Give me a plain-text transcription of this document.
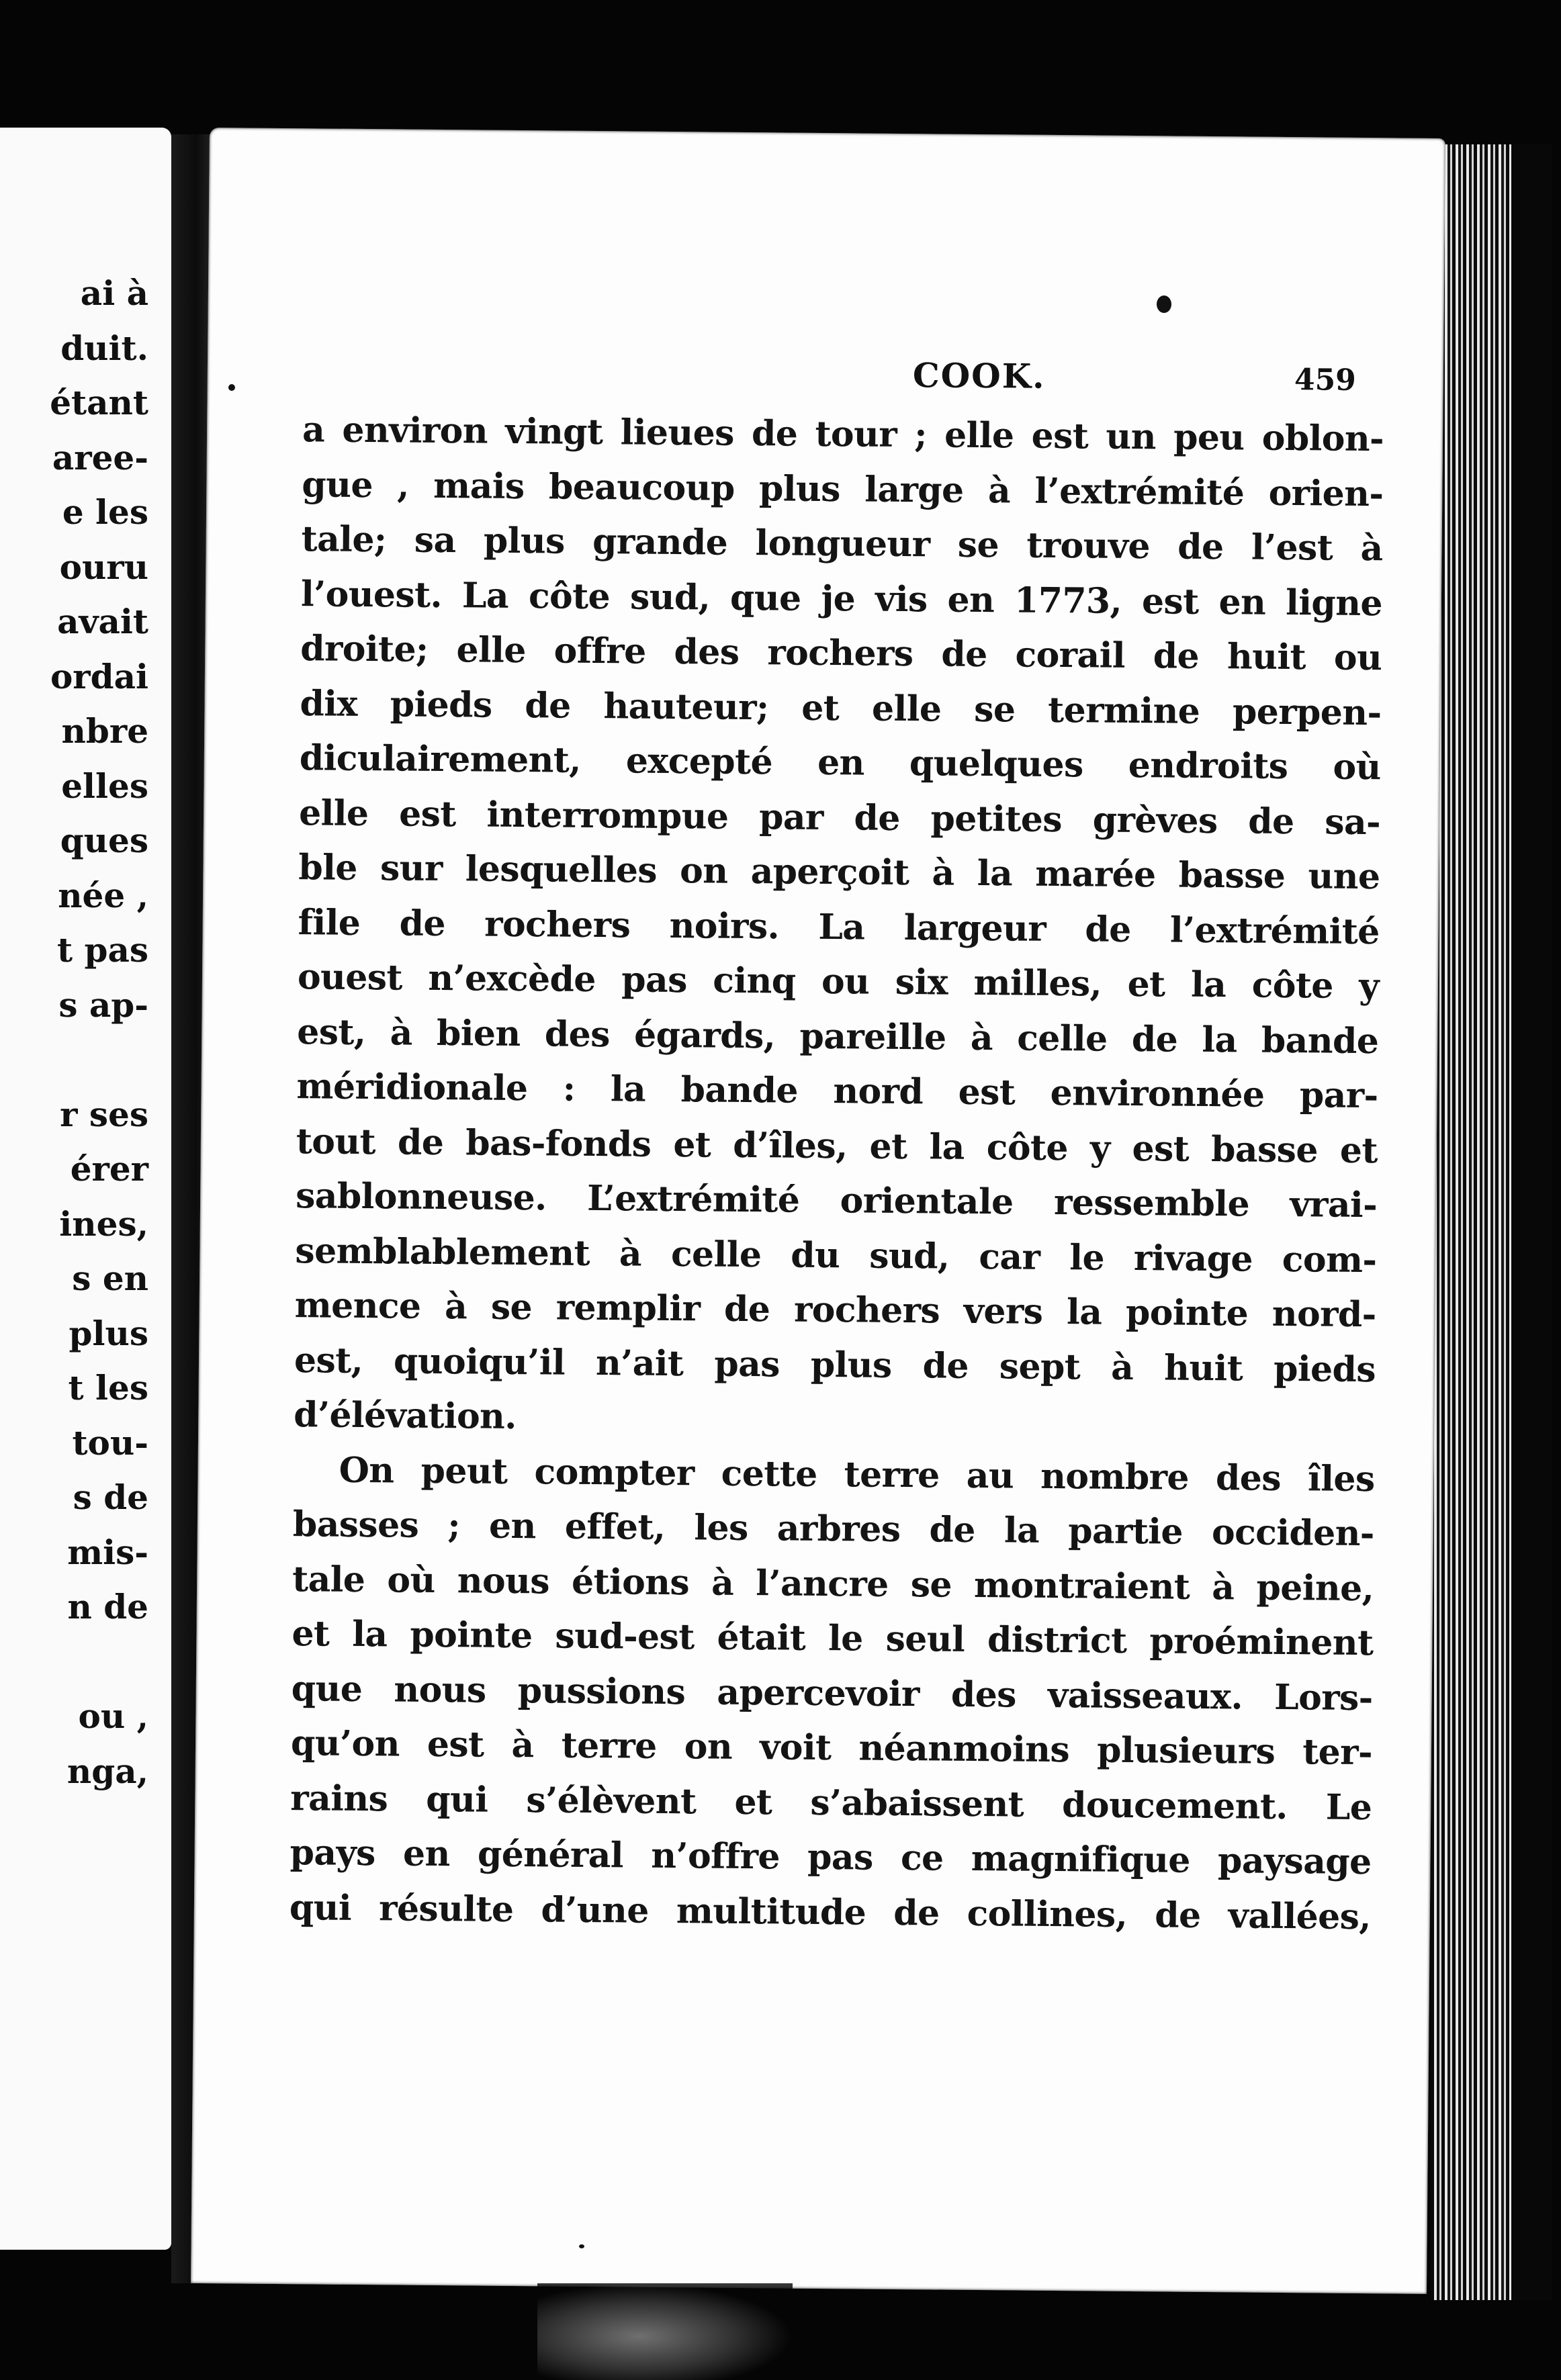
ai à
duit.
étant
aree-
e les
ouru
avait
ordai
nbre
elles
ques
née ,
t pas
s ap-
r ses
érer
ines,
s en
plus
t les
tou-
s de
mis-
n de
ou ,
nga,
COOK.	459
a environ vingt lieues de tour ; elle est un peu oblon-
gue , mais beaucoup plus large à l’extrémité orien-
tale; sa plus grande longueur se trouve de l’est à
l’ouest. La côte sud, que je vis en 1773, est en ligne
droite; elle offre des rochers de corail de huit ou
dix pieds de hauteur; et elle se termine perpen-
diculairement, excepté en quelques endroits où
elle est interrompue par de petites grèves de sa-
ble sur lesquelles on aperçoit à la marée basse une
file de rochers noirs. La largeur de l’extrémité
ouest n’excède pas cinq ou six milles, et la côte y
est, à bien des égards, pareille à celle de la bande
méridionale : la bande nord est environnée par-
tout de bas-fonds et d’îles, et la côte y est basse et
sablonneuse. L’extrémité orientale ressemble vrai-
semblablement à celle du sud, car le rivage com-
mence à se remplir de rochers vers la pointe nord-
est, quoiqu’il n’ait pas plus de sept à huit pieds
d’élévation.
On peut compter cette terre au nombre des îles
basses ; en effet, les arbres de la partie occiden-
tale où nous étions à l’ancre se montraient à peine,
et la pointe sud-est était le seul district proéminent
que nous pussions apercevoir des vaisseaux. Lors-
qu’on est à terre on voit néanmoins plusieurs ter-
rains qui s’élèvent et s’abaissent doucement. Le
pays en général n’offre pas ce magnifique paysage
qui résulte d’une multitude de collines, de vallées,
